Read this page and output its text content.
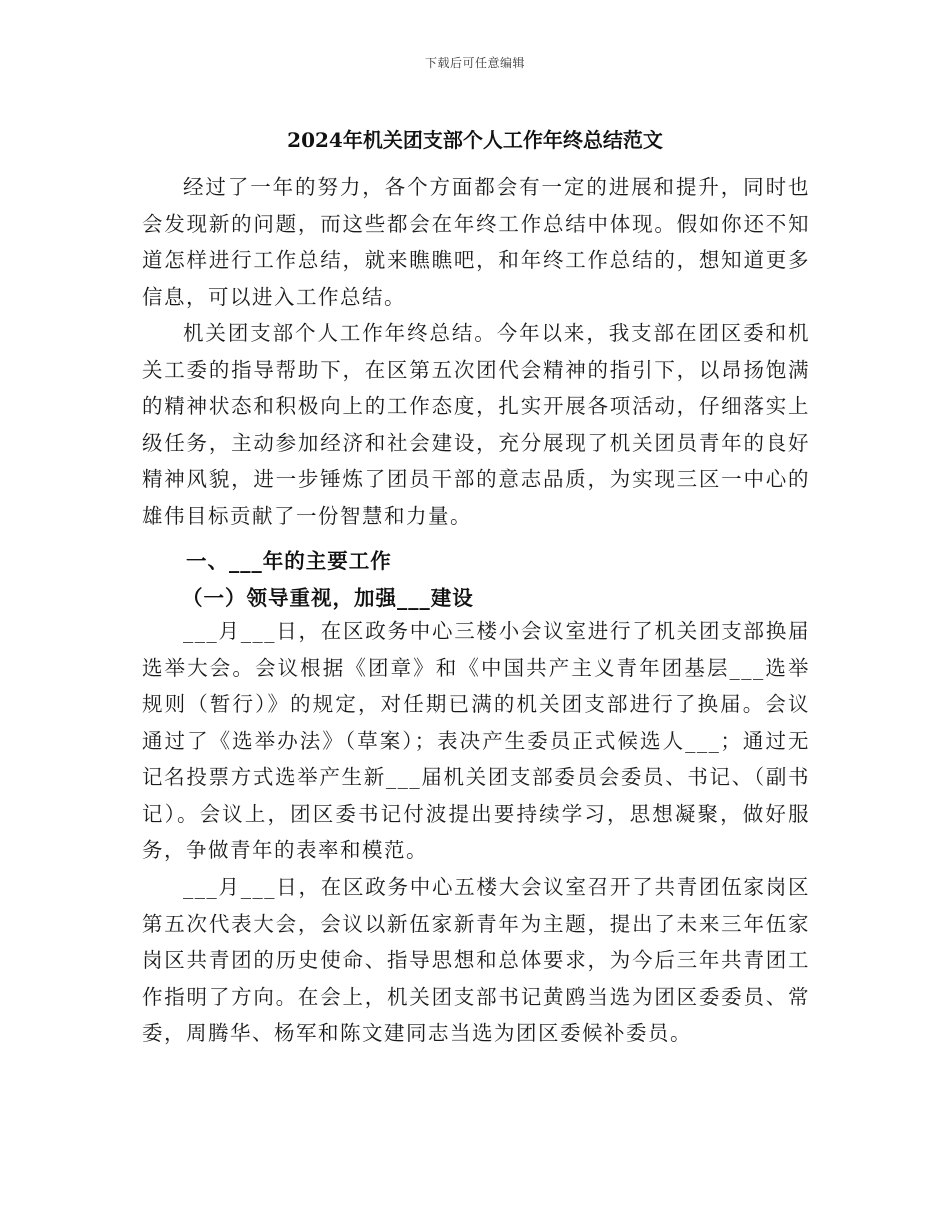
下载后可任意编辑
2024年机关团支部个人工作年终总结范文

经过了一年的努力，各个方面都会有一定的进展和提升，同时也会发现新的问题，而这些都会在年终工作总结中体现。假如你还不知道怎样进行工作总结，就来瞧瞧吧，和年终工作总结的，想知道更多信息，可以进入工作总结。

机关团支部个人工作年终总结。今年以来，我支部在团区委和机关工委的指导帮助下，在区第五次团代会精神的指引下，以昂扬饱满的精神状态和积极向上的工作态度，扎实开展各项活动，仔细落实上级任务，主动参加经济和社会建设，充分展现了机关团员青年的良好精神风貌，进一步锤炼了团员干部的意志品质，为实现三区一中心的雄伟目标贡献了一份智慧和力量。

一、___年的主要工作
（一）领导重视，加强___建设

___月___日，在区政务中心三楼小会议室进行了机关团支部换届选举大会。会议根据《团章》和《中国共产主义青年团基层___选举规则（暂行）》的规定，对任期已满的机关团支部进行了换届。会议通过了《选举办法》（草案）；表决产生委员正式候选人___；通过无记名投票方式选举产生新___届机关团支部委员会委员、书记、（副书记）。会议上，团区委书记付波提出要持续学习，思想凝聚，做好服务，争做青年的表率和模范。

___月___日，在区政务中心五楼大会议室召开了共青团伍家岗区第五次代表大会，会议以新伍家新青年为主题，提出了未来三年伍家岗区共青团的历史使命、指导思想和总体要求，为今后三年共青团工作指明了方向。在会上，机关团支部书记黄鸥当选为团区委委员、常委，周腾华、杨军和陈文建同志当选为团区委候补委员。
